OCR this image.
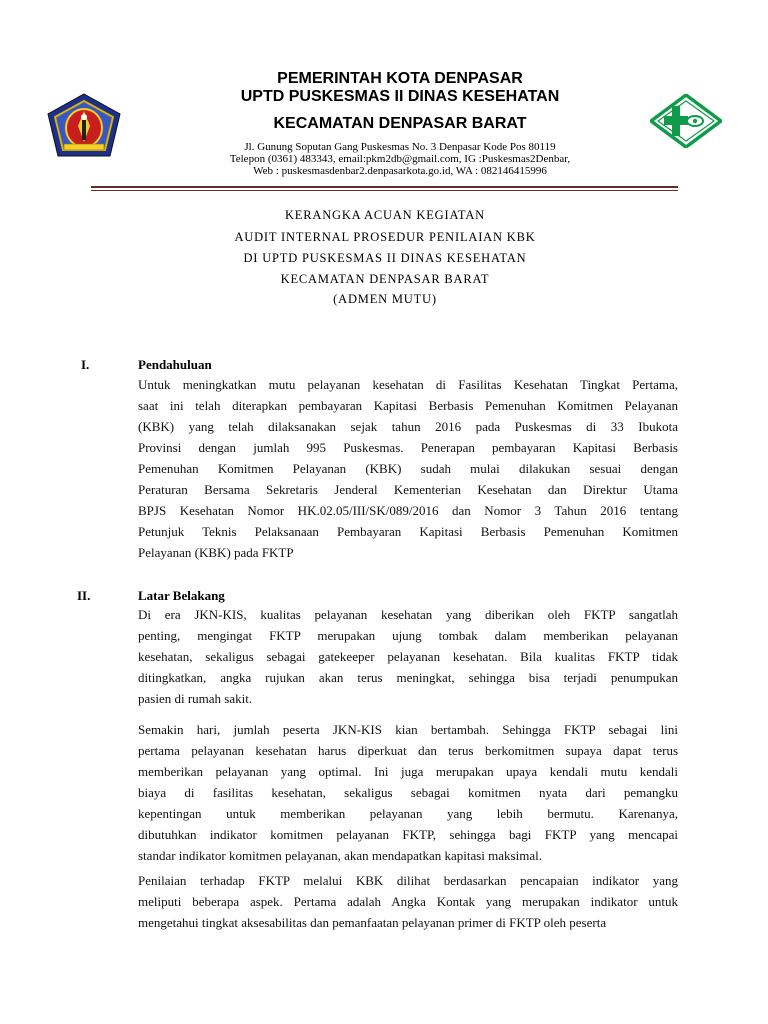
PEMERINTAH KOTA DENPASAR
UPTD PUSKESMAS II DINAS KESEHATAN
KECAMATAN DENPASAR BARAT
Jl. Gunung Soputan Gang Puskesmas No. 3 Denpasar Kode Pos 80119
Telepon (0361) 483343, email:pkm2db@gmail.com, IG :Puskesmas2Denbar,
Web : puskesmasdenbar2.denpasarkota.go.id, WA : 082146415996
KERANGKA ACUAN KEGIATAN
AUDIT INTERNAL PROSEDUR PENILAIAN KBK
DI UPTD PUSKESMAS II DINAS KESEHATAN
KECAMATAN DENPASAR BARAT
(ADMEN MUTU)
I.	Pendahuluan
Untuk meningkatkan mutu pelayanan kesehatan di Fasilitas Kesehatan Tingkat Pertama,
saat ini telah diterapkan pembayaran Kapitasi Berbasis Pemenuhan Komitmen Pelayanan
(KBK) yang telah dilaksanakan sejak tahun 2016 pada Puskesmas di 33 Ibukota
Provinsi dengan jumlah 995 Puskesmas. Penerapan pembayaran Kapitasi Berbasis
Pemenuhan Komitmen Pelayanan (KBK) sudah mulai dilakukan sesuai dengan
Peraturan Bersama Sekretaris Jenderal Kementerian Kesehatan dan Direktur Utama
BPJS Kesehatan Nomor HK.02.05/III/SK/089/2016 dan Nomor 3 Tahun 2016 tentang
Petunjuk Teknis Pelaksanaan Pembayaran Kapitasi Berbasis Pemenuhan Komitmen
Pelayanan (KBK) pada FKTP
II.	Latar Belakang
Di era JKN-KIS, kualitas pelayanan kesehatan yang diberikan oleh FKTP sangatlah
penting, mengingat FKTP merupakan ujung tombak dalam memberikan pelayanan
kesehatan, sekaligus sebagai gatekeeper pelayanan kesehatan. Bila kualitas FKTP tidak
ditingkatkan, angka rujukan akan terus meningkat, sehingga bisa terjadi penumpukan
pasien di rumah sakit.
Semakin hari, jumlah peserta JKN-KIS kian bertambah. Sehingga FKTP sebagai lini
pertama pelayanan kesehatan harus diperkuat dan terus berkomitmen supaya dapat terus
memberikan pelayanan yang optimal. Ini juga merupakan upaya kendali mutu kendali
biaya di fasilitas kesehatan, sekaligus sebagai komitmen nyata dari pemangku
kepentingan untuk memberikan pelayanan yang lebih bermutu. Karenanya,
dibutuhkan indikator komitmen pelayanan FKTP, sehingga bagi FKTP yang mencapai
standar indikator komitmen pelayanan, akan mendapatkan kapitasi maksimal.
Penilaian terhadap FKTP melalui KBK dilihat berdasarkan pencapaian indikator yang
meliputi beberapa aspek. Pertama adalah Angka Kontak yang merupakan indikator untuk
mengetahui tingkat aksesabilitas dan pemanfaatan pelayanan primer di FKTP oleh peserta
